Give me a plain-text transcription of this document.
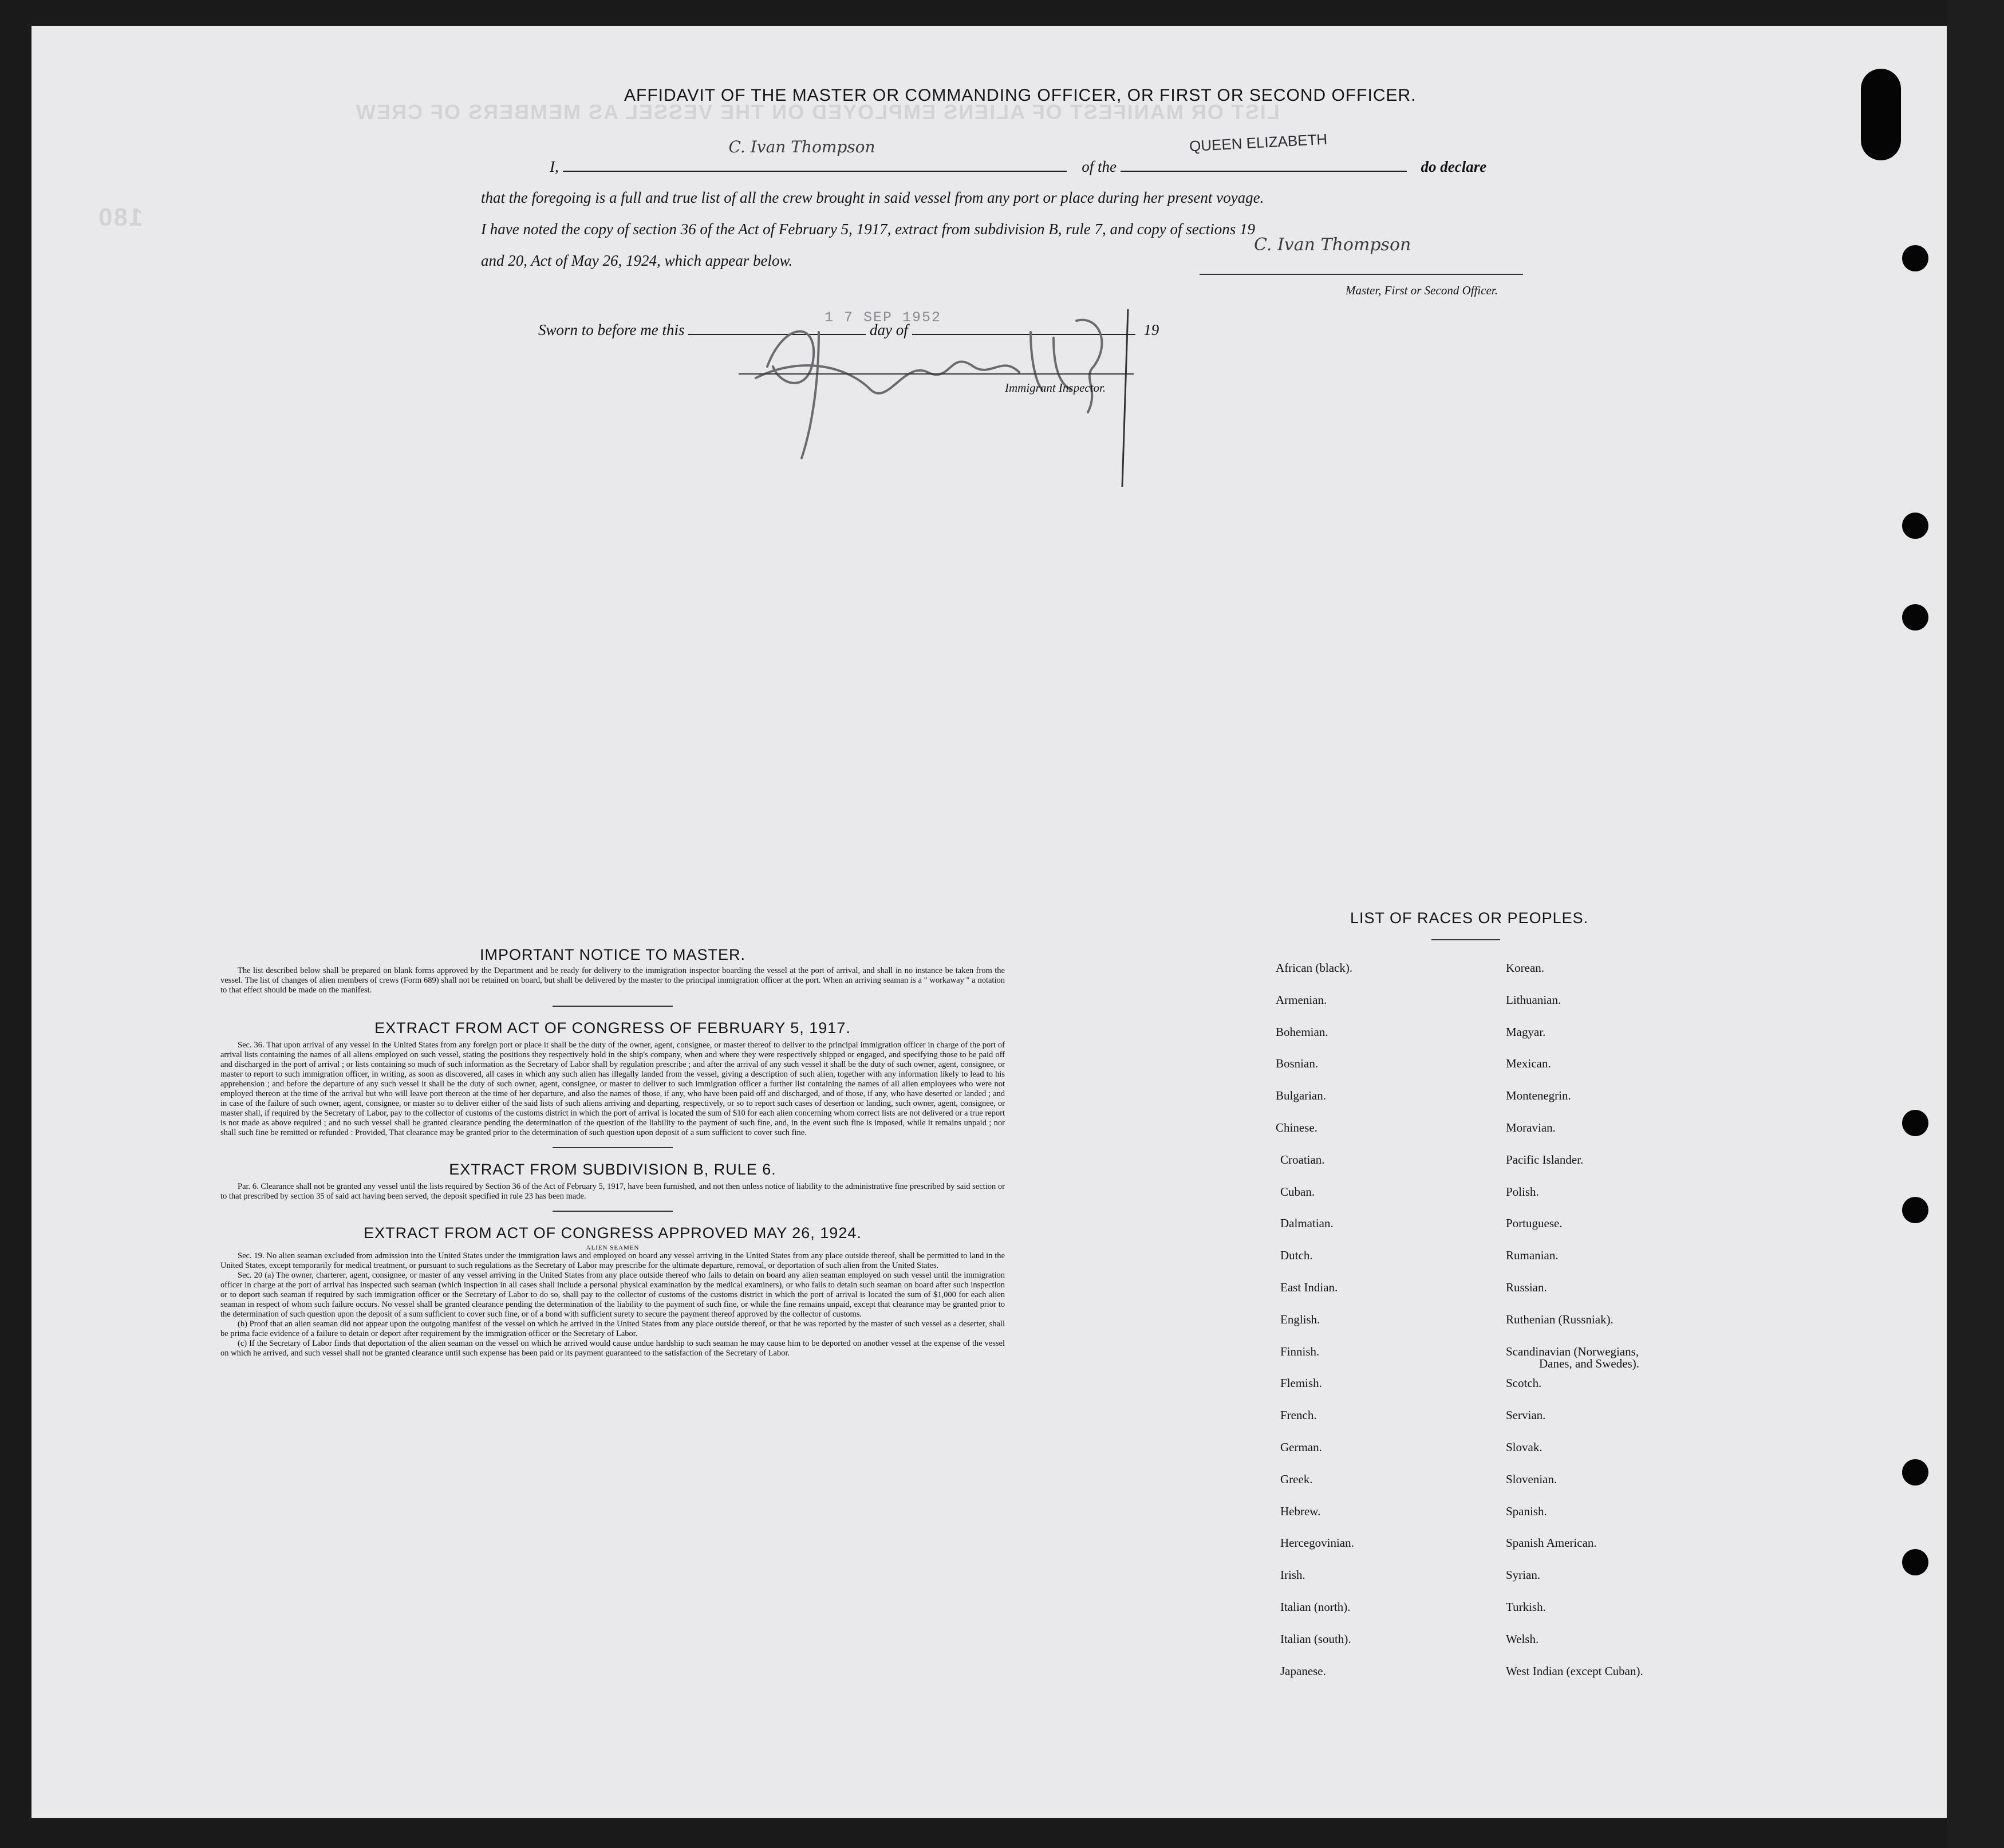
LIST OR MANIFEST OF ALIENS EMPLOYED ON THE VESSEL AS MEMBERS OF CREW
180
AFFIDAVIT OF THE MASTER OR COMMANDING OFFICER, OR FIRST OR SECOND OFFICER.
I,
C. Ivan Thompson
of the
QUEEN ELIZABETH
do declare
that the foregoing is a full and true list of all the crew brought in said vessel from any port or place during her present voyage.
I have noted the copy of section 36 of the Act of February 5, 1917, extract from subdivision B, rule 7, and copy of sections 19
and 20, Act of May 26, 1924, which appear below.
C. Ivan Thompson
Master, First or Second Officer.
Sworn to before me this	day of	19
1 7 SEP 1952
Immigrant Inspector.
IMPORTANT NOTICE TO MASTER.
The list described below shall be prepared on blank forms approved by the Department and be ready for delivery to the immigration inspector boarding the vessel at the port of arrival, and shall in no instance be taken from the vessel. The list of changes of alien members of crews (Form 689) shall not be retained on board, but shall be delivered by the master to the principal immigration officer at the port. When an arriving seaman is a " workaway " a notation to that effect should be made on the manifest.
EXTRACT FROM ACT OF CONGRESS OF FEBRUARY 5, 1917.
Sec. 36. That upon arrival of any vessel in the United States from any foreign port or place it shall be the duty of the owner, agent, consignee, or master thereof to deliver to the principal immigration officer in charge of the port of arrival lists containing the names of all aliens employed on such vessel, stating the positions they respectively hold in the ship's company, when and where they were respectively shipped or engaged, and specifying those to be paid off and discharged in the port of arrival ; or lists containing so much of such information as the Secretary of Labor shall by regulation prescribe ; and after the arrival of any such vessel it shall be the duty of such owner, agent, consignee, or master to report to such immigration officer, in writing, as soon as discovered, all cases in which any such alien has illegally landed from the vessel, giving a description of such alien, together with any information likely to lead to his apprehension ; and before the departure of any such vessel it shall be the duty of such owner, agent, consignee, or master to deliver to such immigration officer a further list containing the names of all alien employees who were not employed thereon at the time of the arrival but who will leave port thereon at the time of her departure, and also the names of those, if any, who have been paid off and discharged, and of those, if any, who have deserted or landed ; and in case of the failure of such owner, agent, consignee, or master so to deliver either of the said lists of such aliens arriving and departing, respectively, or so to report such cases of desertion or landing, such owner, agent, consignee, or master shall, if required by the Secretary of Labor, pay to the collector of customs of the customs district in which the port of arrival is located the sum of $10 for each alien concerning whom correct lists are not delivered or a true report is not made as above required ; and no such vessel shall be granted clearance pending the determination of the question of the liability to the payment of such fine, and, in the event such fine is imposed, while it remains unpaid ; nor shall such fine be remitted or refunded : Provided, That clearance may be granted prior to the determination of such question upon deposit of a sum sufficient to cover such fine.
EXTRACT FROM SUBDIVISION B, RULE 6.
Par. 6. Clearance shall not be granted any vessel until the lists required by Section 36 of the Act of February 5, 1917, have been furnished, and not then unless notice of liability to the administrative fine prescribed by said section or to that prescribed by section 35 of said act having been served, the deposit specified in rule 23 has been made.
EXTRACT FROM ACT OF CONGRESS APPROVED MAY 26, 1924.
ALIEN SEAMEN
Sec. 19. No alien seaman excluded from admission into the United States under the immigration laws and employed on board any vessel arriving in the United States from any place outside thereof, shall be permitted to land in the United States, except temporarily for medical treatment, or pursuant to such regulations as the Secretary of Labor may prescribe for the ultimate departure, removal, or deportation of such alien from the United States.
Sec. 20 (a) The owner, charterer, agent, consignee, or master of any vessel arriving in the United States from any place outside thereof who fails to detain on board any alien seaman employed on such vessel until the immigration officer in charge at the port of arrival has inspected such seaman (which inspection in all cases shall include a personal physical examination by the medical examiners), or who fails to detain such seaman on board after such inspection or to deport such seaman if required by such immigration officer or the Secretary of Labor to do so, shall pay to the collector of customs of the customs district in which the port of arrival is located the sum of $1,000 for each alien seaman in respect of whom such failure occurs. No vessel shall be granted clearance pending the determination of the liability to the payment of such fine, or while the fine remains unpaid, except that clearance may be granted prior to the determination of such question upon the deposit of a sum sufficient to cover such fine, or of a bond with sufficient surety to secure the payment thereof approved by the collector of customs.
(b) Proof that an alien seaman did not appear upon the outgoing manifest of the vessel on which he arrived in the United States from any place outside thereof, or that he was reported by the master of such vessel as a deserter, shall be prima facie evidence of a failure to detain or deport after requirement by the immigration officer or the Secretary of Labor.
(c) If the Secretary of Labor finds that deportation of the alien seaman on the vessel on which he arrived would cause undue hardship to such seaman he may cause him to be deported on another vessel at the expense of the vessel on which he arrived, and such vessel shall not be granted clearance until such expense has been paid or its payment guaranteed to the satisfaction of the Secretary of Labor.
LIST OF RACES OR PEOPLES.
African (black).
Armenian.
Bohemian.
Bosnian.
Bulgarian.
Chinese.
Croatian.
Cuban.
Dalmatian.
Dutch.
East Indian.
English.
Finnish.
Flemish.
French.
German.
Greek.
Hebrew.
Hercegovinian.
Irish.
Italian (north).
Italian (south).
Japanese.
Korean.
Lithuanian.
Magyar.
Mexican.
Montenegrin.
Moravian.
Pacific Islander.
Polish.
Portuguese.
Rumanian.
Russian.
Ruthenian (Russniak).
Scandinavian (Norwegians,
Scotch.
Servian.
Slovak.
Slovenian.
Spanish.
Spanish American.
Syrian.
Turkish.
Welsh.
West Indian (except Cuban).
Danes, and Swedes).
